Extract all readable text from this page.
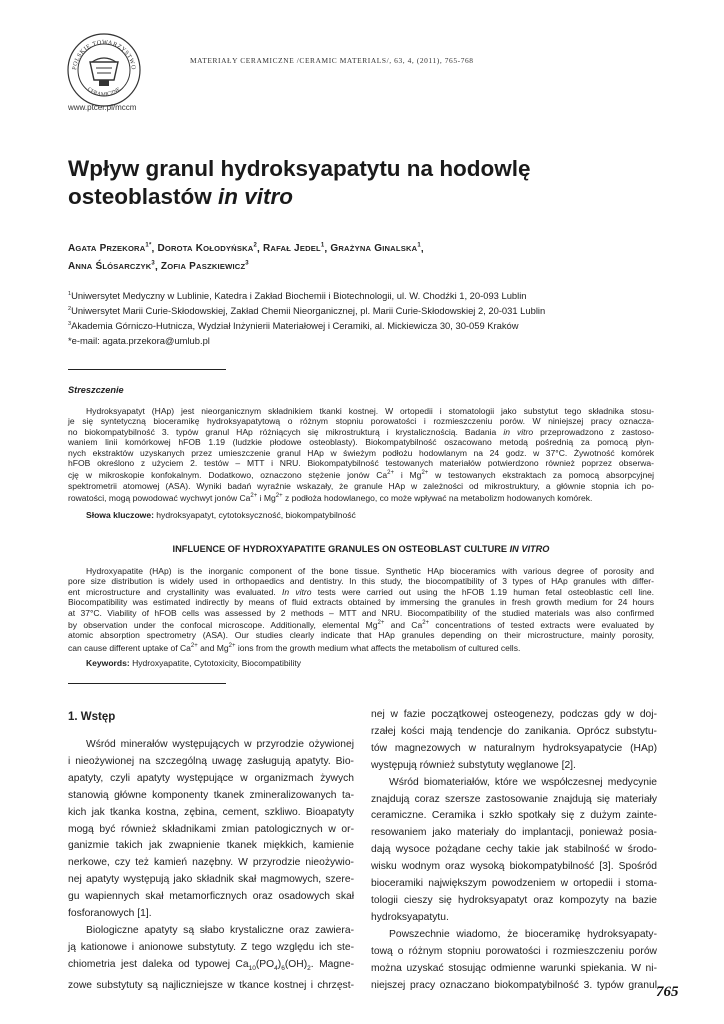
POLSKIE TOWARZYSTWO
CERAMICZNE
www.ptcer.pl/mccm
MATERIAŁY CERAMICZNE /CERAMIC MATERIALS/, 63, 4, (2011), 765-768
Wpływ granul hydroksyapatytu na hodowlę
osteoblastów in vitro
AGATA $PRZEKORA^{1*}$, DOROTA KOŁODYŃSKA$^2$, RAFAŁ JEDEL$^1$, GRAŻYNA GINALSKA$^1$,
ANNA ŚLÓSARCZYK$^3$, ZOFIA PASZKIEWICZ$^3$
$^1$Uniwersytet Medyczny w Lublinie, Katedra i Zakład Biochemii i Biotechnologii, ul. W. Chodźki 1, 20-093 Lublin
$^2$Uniwersytet Marii Curie-Skłodowskiej, Zakład Chemii Nieorganicznej, pl. Marii Curie-Skłodowskiej 2, 20-031 Lublin
$^3$Akademia Górniczo-Hutnicza, Wydział Inżynierii Materiałowej i Ceramiki, al. Mickiewicza 30, 30-059 Kraków
*e-mail: agata.przekora@umlub.pl
Streszczenie
Hydroksyapatyt (HAp) jest nieorganicznym składnikiem tkanki kostnej. W ortopedii i stomatologii jako substytut tego składnika stosu-
je się syntetyczną bioceramikę hydroksyapatytową o różnym stopniu porowatości i rozmieszczeniu porów. W niniejszej pracy oznacza-
no biokompatybilność 3. typów granul HAp różniących się mikrostrukturą i krystalicznością. Badania in vitro przeprowadzono z zastoso-
waniem linii komórkowej hFOB 1.19 (ludzkie płodowe osteoblasty). Biokompatybilność oszacowano metodą pośrednią za pomocą płyn-
nych ekstraktów uzyskanych przez umieszczenie granul HAp w świeżym podłożu hodowlanym na 24 godz. w 37°C. Żywotność komórek
hFOB określono z użyciem 2. testów – MTT i NRU. Biokompatybilność testowanych materiałów potwierdzono również poprzez obserwa-
cję w mikroskopie konfokalnym. Dodatkowo, oznaczono stężenie jonów $Ca^{2+}$ i $Mg^{2+}$ w testowanych ekstraktach za pomocą absorpcyjnej
spektrometrii atomowej (ASA). Wyniki badań wyraźnie wskazały, że granule HAp w zależności od mikrostruktury, a głównie stopnia ich po-
rowatości, mogą powodować wychwyt jonów $Ca^{2+}$ i $Mg^{2+}$ z podłoża hodowlanego, co może wpływać na metabolizm hodowanych komórek.
Słowa kluczowe: hydroksyapatyt, cytotoksyczność, biokompatybilność
INFLUENCE OF HYDROXYAPATITE GRANULES ON OSTEOBLAST CULTURE IN VITRO
Hydroxyapatite (HAp) is the inorganic component of the bone tissue. Synthetic HAp bioceramics with various degree of porosity and
pore size distribution is widely used in orthopaedics and dentistry. In this study, the biocompatibility of 3 types of HAp granules with differ-
ent microstructure and crystallinity was evaluated. In vitro tests were carried out using the hFOB 1.19 human fetal osteoblastic cell line.
Biocompatibility was estimated indirectly by means of fluid extracts obtained by immersing the granules in fresh growth medium for 24 hours
at 37°C. Viability of hFOB cells was assessed by 2 methods – MTT and NRU. Biocompatibility of the studied materials was also confirmed
by observation under the confocal microscope. Additionally, elemental $Mg^{2+}$ and $Ca^{2+}$ concentrations of tested extracts were evaluated by
atomic absorption spectrometry (ASA). Our studies clearly indicate that HAp granules depending on their microstructure, mainly porosity,
can cause different uptake of $Ca^{2+}$ and $Mg^{2+}$ ions from the growth medium what affects the metabolism of cultured cells.
Keywords: Hydroxyapatite, Cytotoxicity, Biocompatibility
1. Wstęp
Wśród minerałów występujących w przyrodzie ożywionej
i nieożywionej na szczególną uwagę zasługują apatyty. Bio-
apatyty, czyli apatyty występujące w organizmach żywych
stanowią główne komponenty tkanek zmineralizowanych ta-
kich jak tkanka kostna, zębina, cement, szkliwo. Bioapatyty
mogą być również składnikami zmian patologicznych w or-
ganizmie takich jak zwapnienie tkanek miękkich, kamienie
nerkowe, czy też kamień nazębny. W przyrodzie nieożywio-
nej apatyty występują jako składnik skał magmowych, szere-
gu wapiennych skał metamorficznych oraz osadowych skał
fosforanowych [1].
Biologiczne apatyty są słabo krystaliczne oraz zawiera-
ją kationowe i anionowe substytuty. Z tego względu ich ste-
chiometria jest daleka od typowej $Ca_{10}(PO_4)_6(OH)_2$. Magne-
zowe substytuty są najliczniejsze w tkance kostnej i chrzęst-
nej w fazie początkowej osteogenezy, podczas gdy w doj-
rzałej kości mają tendencje do zanikania. Oprócz substytu-
tów magnezowych w naturalnym hydroksyapatycie (HAp)
występują również substytuty węglanowe [2].
Wśród biomateriałów, które we współczesnej medycynie
znajdują coraz szersze zastosowanie znajdują się materiały
ceramiczne. Ceramika i szkło spotkały się z dużym zainte-
resowaniem jako materiały do implantacji, ponieważ posia-
dają wysoce pożądane cechy takie jak stabilność w środo-
wisku wodnym oraz wysoką biokompatybilność [3]. Spośród
bioceramiki największym powodzeniem w ortopedii i stoma-
tologii cieszy się hydroksyapatyt oraz kompozyty na bazie
hydroksyapatytu.
Powszechnie wiadomo, że bioceramikę hydroksyapaty-
tową o różnym stopniu porowatości i rozmieszczeniu porów
można uzyskać stosując odmienne warunki spiekania. W ni-
niejszej pracy oznaczano biokompatybilność 3. typów granul 765
